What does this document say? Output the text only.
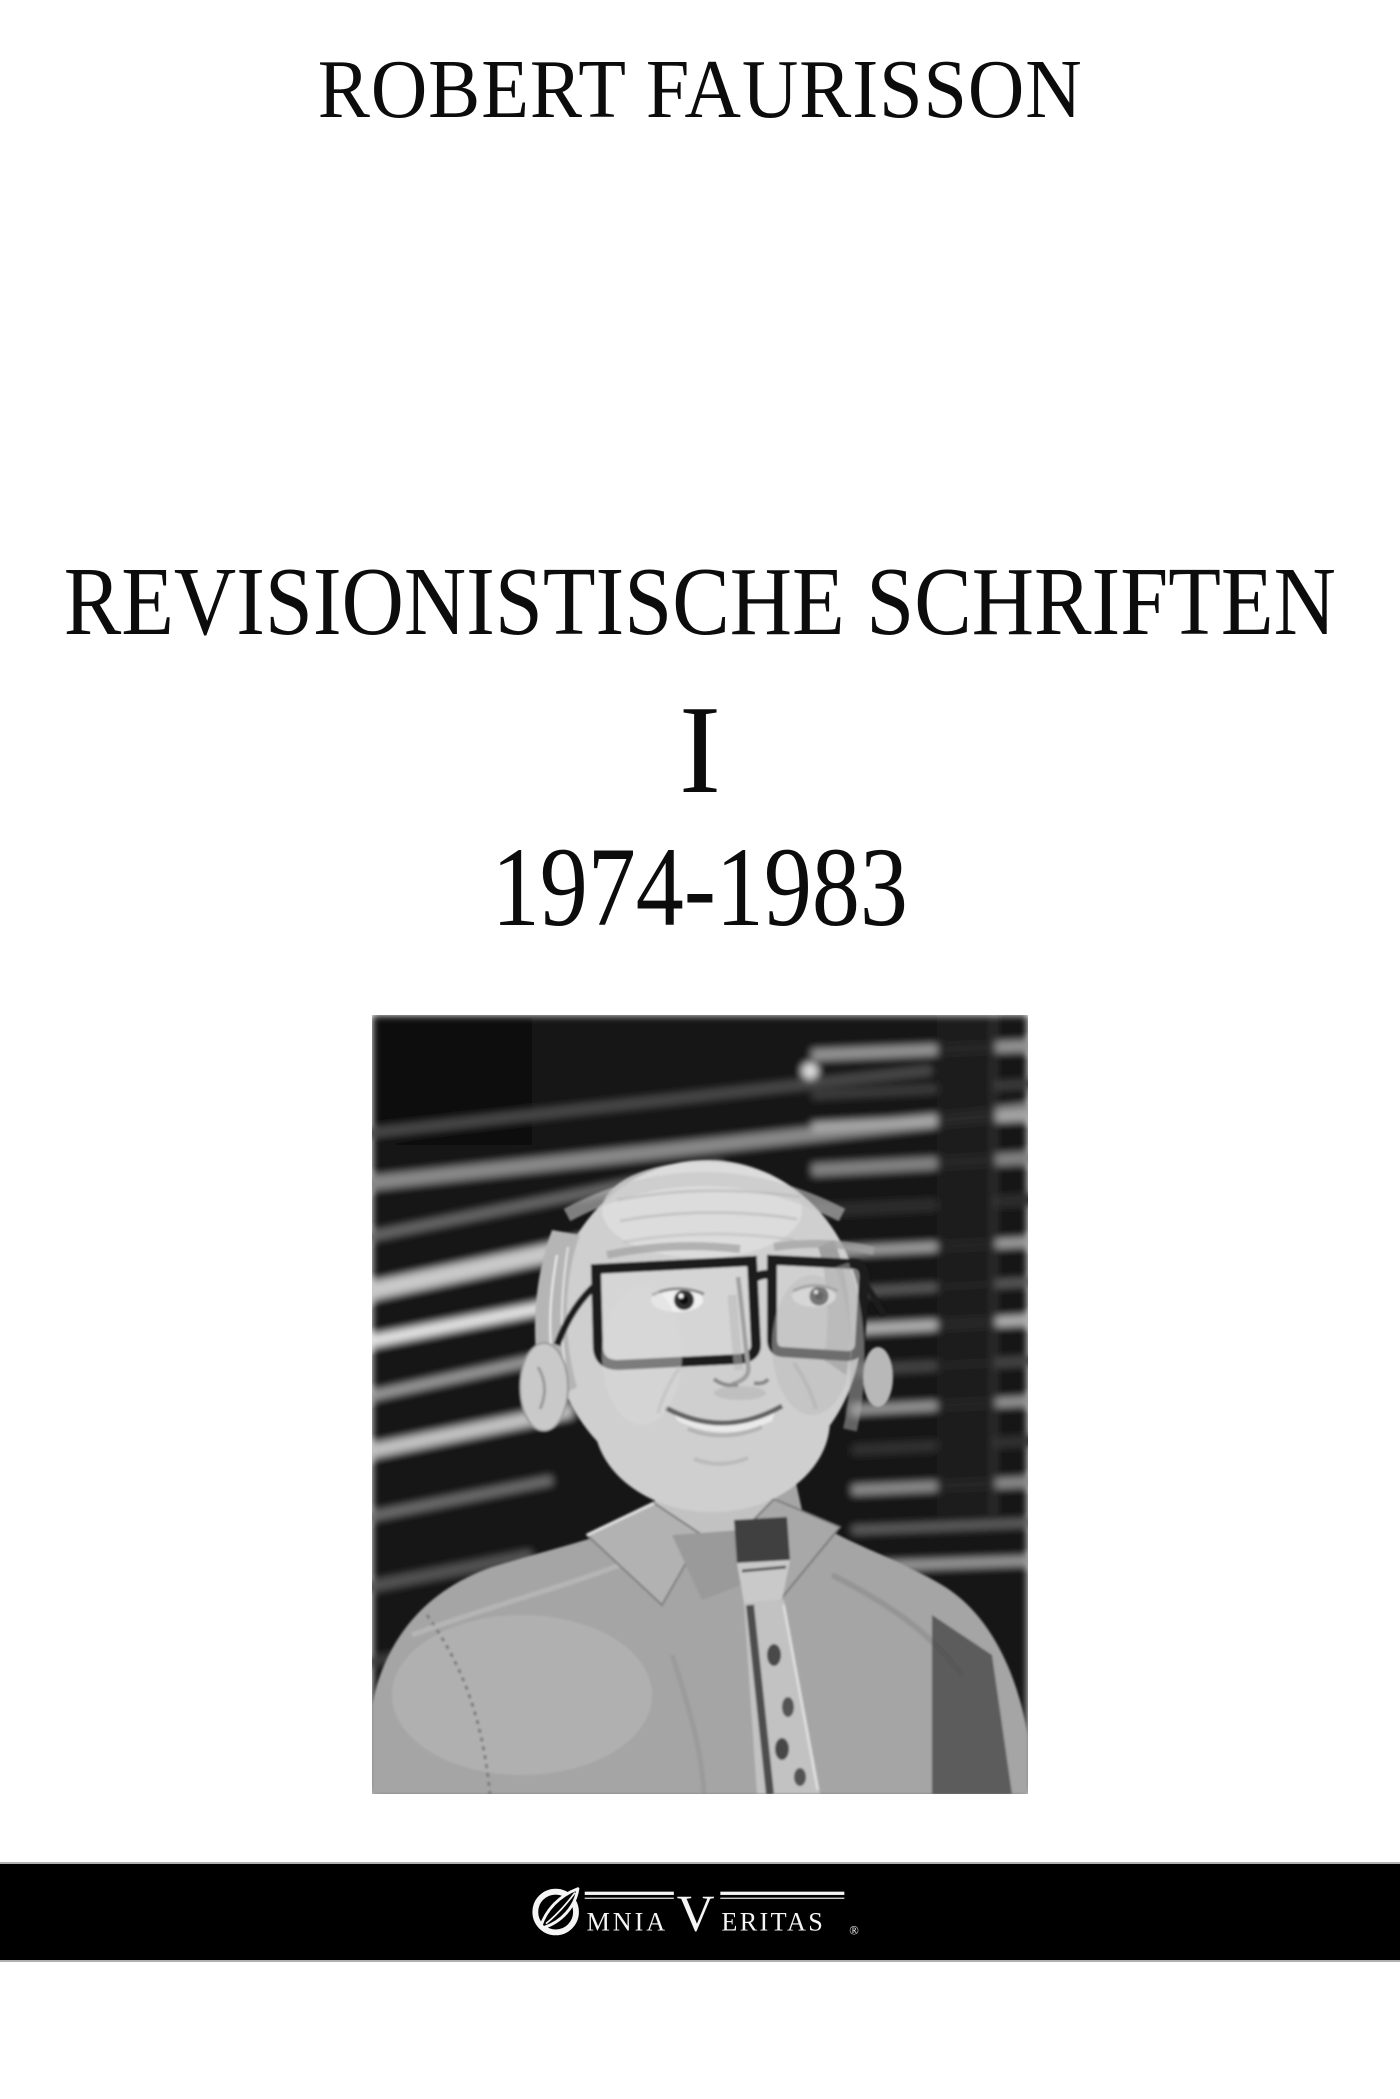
ROBERT FAURISSON
REVISIONISTISCHE SCHRIFTEN
I
1974-1983
MNIA V ERITAS ®
